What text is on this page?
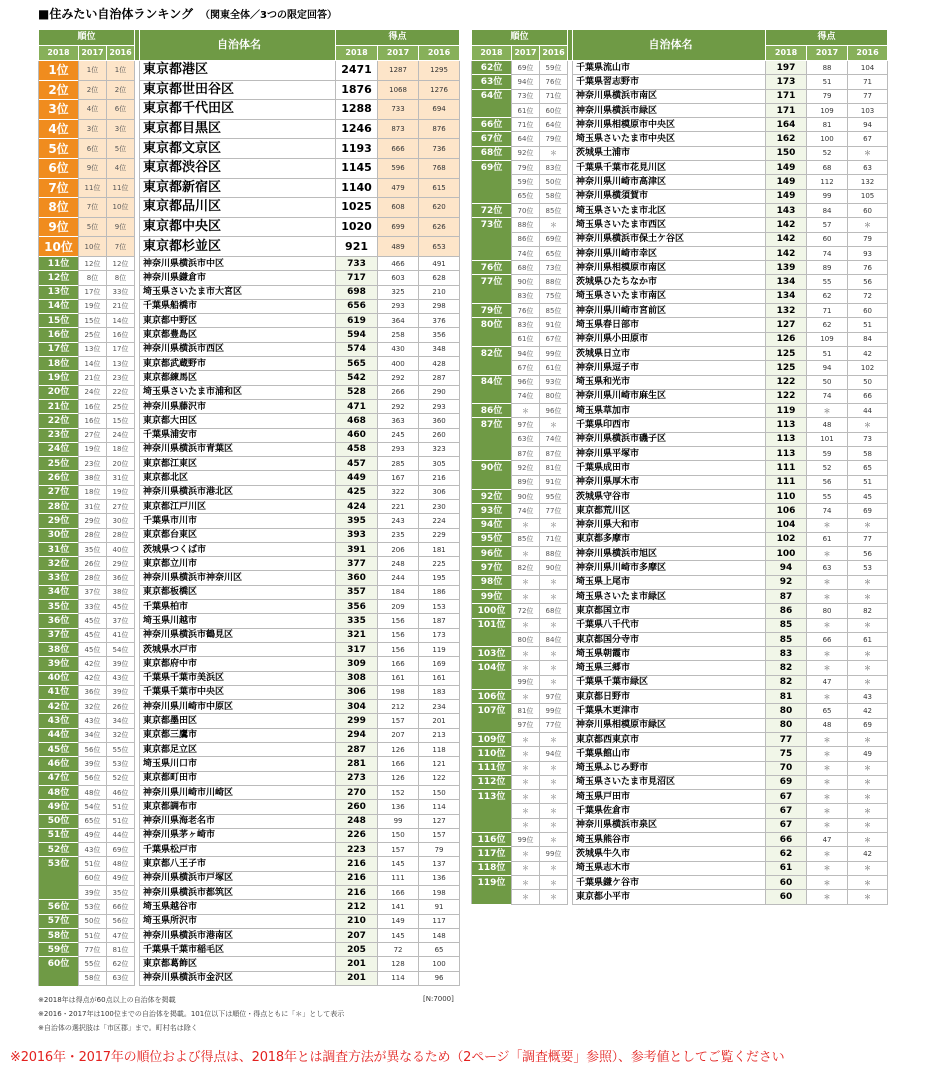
■住みたい自治体ランキング　 （関東全体／3つの限定回答）
順位				自治体名	得点		
2018	2017	2016			2018	2017	2016
1位	1位	1位		東京都港区	2471	1287	1295
2位	2位	2位		東京都世田谷区	1876	1068	1276
3位	4位	6位		東京都千代田区	1288	733	694
4位	3位	3位		東京都目黒区	1246	873	876
5位	6位	5位		東京都文京区	1193	666	736
6位	9位	4位		東京都渋谷区	1145	596	768
7位	11位	11位		東京都新宿区	1140	479	615
8位	7位	10位		東京都品川区	1025	608	620
9位	5位	9位		東京都中央区	1020	699	626
10位	10位	7位		東京都杉並区	921	489	653
11位	12位	12位		神奈川県横浜市中区	733	466	491
12位	8位	8位		神奈川県鎌倉市	717	603	628
13位	17位	33位		埼玉県さいたま市大宮区	698	325	210
14位	19位	21位		千葉県船橋市	656	293	298
15位	15位	14位		東京都中野区	619	364	376
16位	25位	16位		東京都豊島区	594	258	356
17位	13位	17位		神奈川県横浜市西区	574	430	348
18位	14位	13位		東京都武蔵野市	565	400	428
19位	21位	23位		東京都練馬区	542	292	287
20位	24位	22位		埼玉県さいたま市浦和区	528	266	290
21位	16位	25位		神奈川県藤沢市	471	292	293
22位	16位	15位		東京都大田区	468	363	360
23位	27位	24位		千葉県浦安市	460	245	260
24位	19位	18位		神奈川県横浜市青葉区	458	293	323
25位	23位	20位		東京都江東区	457	285	305
26位	38位	31位		東京都北区	449	167	216
27位	18位	19位		神奈川県横浜市港北区	425	322	306
28位	31位	27位		東京都江戸川区	424	221	230
29位	29位	30位		千葉県市川市	395	243	224
30位	28位	28位		東京都台東区	393	235	229
31位	35位	40位		茨城県つくば市	391	206	181
32位	26位	29位		東京都立川市	377	248	225
33位	28位	36位		神奈川県横浜市神奈川区	360	244	195
34位	37位	38位		東京都板橋区	357	184	186
35位	33位	45位		千葉県柏市	356	209	153
36位	45位	37位		埼玉県川越市	335	156	187
37位	45位	41位		神奈川県横浜市鶴見区	321	156	173
38位	45位	54位		茨城県水戸市	317	156	119
39位	42位	39位		東京都府中市	309	166	169
40位	42位	43位		千葉県千葉市美浜区	308	161	161
41位	36位	39位		千葉県千葉市中央区	306	198	183
42位	32位	26位		神奈川県川崎市中原区	304	212	234
43位	43位	34位		東京都墨田区	299	157	201
44位	34位	32位		東京都三鷹市	294	207	213
45位	56位	55位		東京都足立区	287	126	118
46位	39位	53位		埼玉県川口市	281	166	121
47位	56位	52位		東京都町田市	273	126	122
48位	48位	46位		神奈川県川崎市川崎区	270	152	150
49位	54位	51位		東京都調布市	260	136	114
50位	65位	51位		神奈川県海老名市	248	99	127
51位	49位	44位		神奈川県茅ヶ崎市	226	150	157
52位	43位	69位		千葉県松戸市	223	157	79
53位	51位	48位		東京都八王子市	216	145	137
	60位	49位		神奈川県横浜市戸塚区	216	111	136
	39位	35位		神奈川県横浜市都筑区	216	166	198
56位	53位	66位		埼玉県越谷市	212	141	91
57位	50位	56位		埼玉県所沢市	210	149	117
58位	51位	47位		神奈川県横浜市港南区	207	145	148
59位	77位	81位		千葉県千葉市稲毛区	205	72	65
60位	55位	62位		東京都葛飾区	201	128	100
	58位	63位		神奈川県横浜市金沢区	201	114	96
順位				自治体名	得点		
2018	2017	2016			2018	2017	2016
62位	69位	59位		千葉県流山市	197	88	104
63位	94位	76位		千葉県習志野市	173	51	71
64位	73位	71位		神奈川県横浜市南区	171	79	77
	61位	60位		神奈川県横浜市緑区	171	109	103
66位	71位	64位		神奈川県相模原市中央区	164	81	94
67位	64位	79位		埼玉県さいたま市中央区	162	100	67
68位	92位	＊		茨城県土浦市	150	52	＊
69位	79位	83位		千葉県千葉市花見川区	149	68	63
	59位	50位		神奈川県川崎市高津区	149	112	132
	65位	58位		神奈川県横須賀市	149	99	105
72位	70位	85位		埼玉県さいたま市北区	143	84	60
73位	88位	＊		埼玉県さいたま市西区	142	57	＊
	86位	69位		神奈川県横浜市保土ケ谷区	142	60	79
	74位	65位		神奈川県川崎市幸区	142	74	93
76位	68位	73位		神奈川県相模原市南区	139	89	76
77位	90位	88位		茨城県ひたちなか市	134	55	56
	83位	75位		埼玉県さいたま市南区	134	62	72
79位	76位	85位		神奈川県川崎市宮前区	132	71	60
80位	83位	91位		埼玉県春日部市	127	62	51
	61位	67位		神奈川県小田原市	126	109	84
82位	94位	99位		茨城県日立市	125	51	42
	67位	61位		神奈川県逗子市	125	94	102
84位	96位	93位		埼玉県和光市	122	50	50
	74位	80位		神奈川県川崎市麻生区	122	74	66
86位	＊	96位		埼玉県草加市	119	＊	44
87位	97位	＊		千葉県印西市	113	48	＊
	63位	74位		神奈川県横浜市磯子区	113	101	73
	87位	87位		神奈川県平塚市	113	59	58
90位	92位	81位		千葉県成田市	111	52	65
	89位	91位		神奈川県厚木市	111	56	51
92位	90位	95位		茨城県守谷市	110	55	45
93位	74位	77位		東京都荒川区	106	74	69
94位	＊	＊		神奈川県大和市	104	＊	＊
95位	85位	71位		東京都多摩市	102	61	77
96位	＊	88位		神奈川県横浜市旭区	100	＊	56
97位	82位	90位		神奈川県川崎市多摩区	94	63	53
98位	＊	＊		埼玉県上尾市	92	＊	＊
99位	＊	＊		埼玉県さいたま市緑区	87	＊	＊
100位	72位	68位		東京都国立市	86	80	82
101位	＊	＊		千葉県八千代市	85	＊	＊
	80位	84位		東京都国分寺市	85	66	61
103位	＊	＊		埼玉県朝霞市	83	＊	＊
104位	＊	＊		埼玉県三郷市	82	＊	＊
	99位	＊		千葉県千葉市緑区	82	47	＊
106位	＊	97位		東京都日野市	81	＊	43
107位	81位	99位		千葉県木更津市	80	65	42
	97位	77位		神奈川県相模原市緑区	80	48	69
109位	＊	＊		東京都西東京市	77	＊	＊
110位	＊	94位		千葉県館山市	75	＊	49
111位	＊	＊		埼玉県ふじみ野市	70	＊	＊
112位	＊	＊		埼玉県さいたま市見沼区	69	＊	＊
113位	＊	＊		埼玉県戸田市	67	＊	＊
	＊	＊		千葉県佐倉市	67	＊	＊
	＊	＊		神奈川県横浜市泉区	67	＊	＊
116位	99位	＊		埼玉県熊谷市	66	47	＊
117位	＊	99位		茨城県牛久市	62	＊	42
118位	＊	＊		埼玉県志木市	61	＊	＊
119位	＊	＊		千葉県鎌ケ谷市	60	＊	＊
	＊	＊		東京都小平市	60	＊	＊
※2018年は得点が60点以上の自治体を掲載
※2016・2017年は100位までの自治体を掲載。101位以下は順位・得点ともに「＊」として表示
※自治体の選択肢は「市区郡」まで。町村名は除く
[N:7000]
※2016年・2017年の順位および得点は、2018年とは調査方法が異なるため（2ページ「調査概要」参照）、参考値としてご覧ください
